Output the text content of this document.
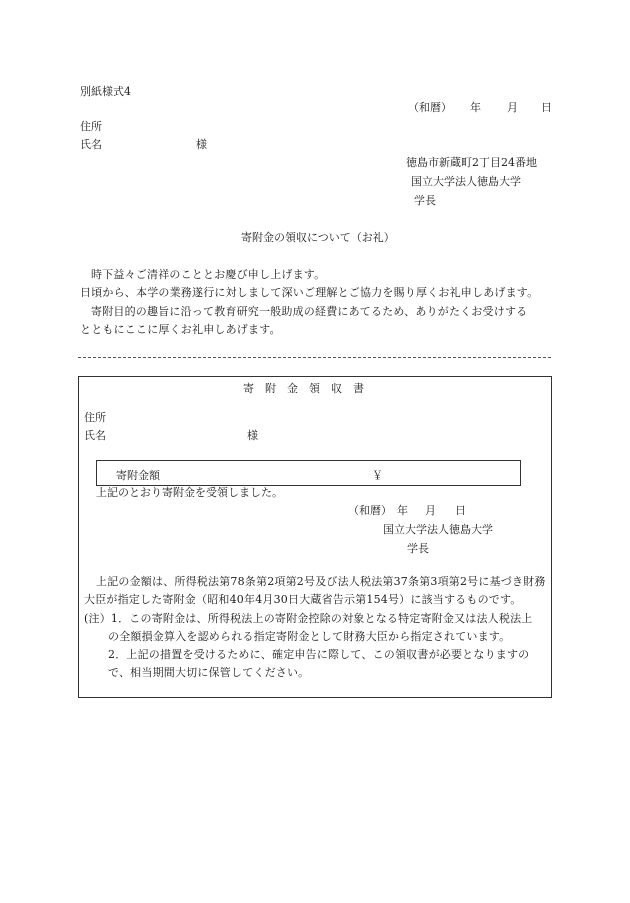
別紙様式4
（和暦） 年 月 日
住所
氏名	様
徳島市新蔵町2丁目24番地
国立大学法人徳島大学
学長
寄附金の領収について（お礼）
時下益々ご清祥のこととお慶び申し上げます。
日頃から、本学の業務遂行に対しまして深いご理解とご協力を賜り厚くお礼申しあげます。
寄附目的の趣旨に沿って教育研究一般助成の経費にあてるため、ありがたくお受けする
とともにここに厚くお礼申しあげます。
寄　附　金　領　収　書
住所
氏名	様
寄附金額	￥
上記のとおり寄附金を受領しました。
（和暦） 年 月 日
国立大学法人徳島大学
学長
上記の金額は、所得税法第78条第2項第2号及び法人税法第37条第3項第2号に基づき財務
大臣が指定した寄附金（昭和40年4月30日大蔵省告示第154号）に該当するものです。
(注）1．この寄附金は、所得税法上の寄附金控除の対象となる特定寄附金又は法人税法上
の全額損金算入を認められる指定寄附金として財務大臣から指定されています。
2．上記の措置を受けるために、確定申告に際して、この領収書が必要となりますの
で、相当期間大切に保管してください。
